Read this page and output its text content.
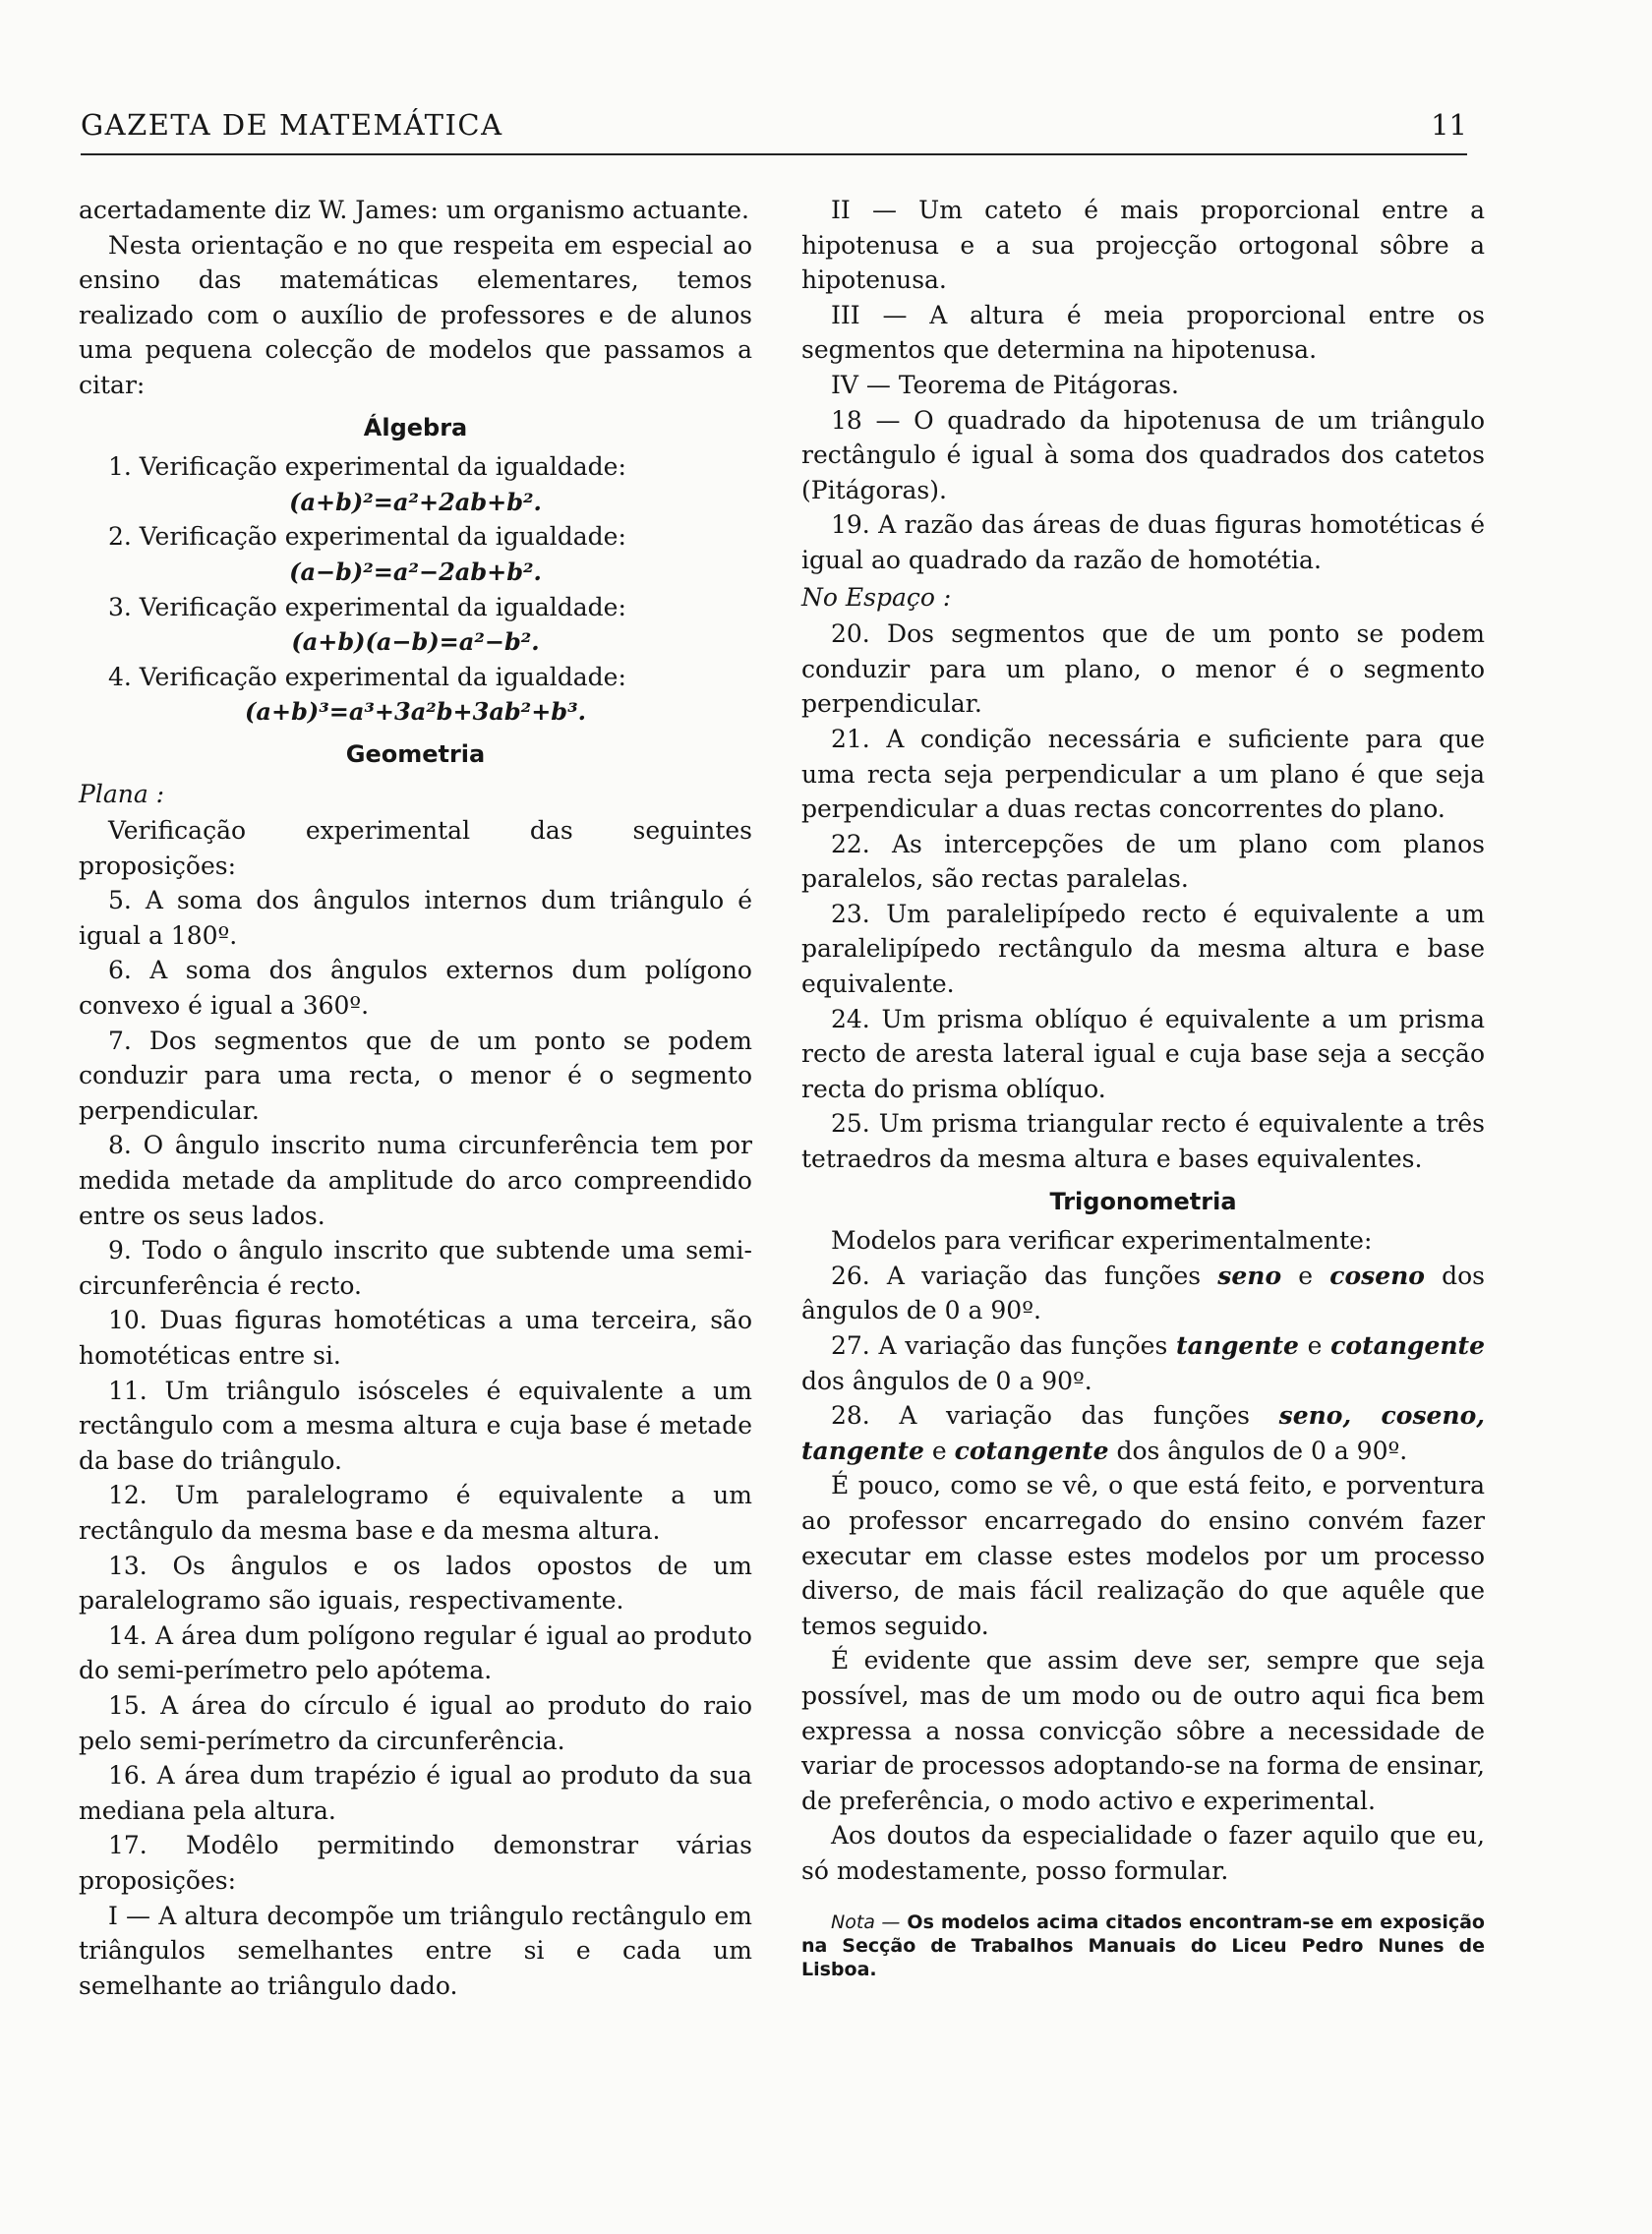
GAZETA DE MATEMÁTICA	11

acertadamente diz W. James: um organismo actuante.

Nesta orientação e no que respeita em especial ao ensino das matemáticas elementares, temos realizado com o auxílio de professores e de alunos uma pequena colecção de modelos que passamos a citar:

Álgebra

1. Verificação experimental da igualdade:

(a+b)²=a²+2ab+b².

2. Verificação experimental da igualdade:

(a−b)²=a²−2ab+b².

3. Verificação experimental da igualdade:

(a+b)(a−b)=a²−b².

4. Verificação experimental da igualdade:

(a+b)³=a³+3a²b+3ab²+b³.
Geometria
Plana :

Verificação experimental das seguintes proposições:

5. A soma dos ângulos internos dum triângulo é igual a 180º.

6. A soma dos ângulos externos dum polígono convexo é igual a 360º.

7. Dos segmentos que de um ponto se podem conduzir para uma recta, o menor é o segmento perpendicular.

8. O ângulo inscrito numa circunferência tem por medida metade da amplitude do arco compreendido entre os seus lados.

9. Todo o ângulo inscrito que subtende uma semi-circunferência é recto.

10. Duas figuras homotéticas a uma terceira, são homotéticas entre si.

11. Um triângulo isósceles é equivalente a um rectângulo com a mesma altura e cuja base é metade da base do triângulo.

12. Um paralelogramo é equivalente a um rectângulo da mesma base e da mesma altura.

13. Os ângulos e os lados opostos de um paralelogramo são iguais, respectivamente.

14. A área dum polígono regular é igual ao produto do semi-perímetro pelo apótema.

15. A área do círculo é igual ao produto do raio pelo semi-perímetro da circunferência.

16. A área dum trapézio é igual ao produto da sua mediana pela altura.

17. Modêlo permitindo demonstrar várias proposições:

I — A altura decompõe um triângulo rectângulo em triângulos semelhantes entre si e cada um semelhante ao triângulo dado.

II — Um cateto é mais proporcional entre a hipotenusa e a sua projecção ortogonal sôbre a hipotenusa.

III — A altura é meia proporcional entre os segmentos que determina na hipotenusa.

IV — Teorema de Pitágoras.

18 — O quadrado da hipotenusa de um triângulo rectângulo é igual à soma dos quadrados dos catetos (Pitágoras).

19. A razão das áreas de duas figuras homotéticas é igual ao quadrado da razão de homotétia.

No Espaço :

20. Dos segmentos que de um ponto se podem conduzir para um plano, o menor é o segmento perpendicular.

21. A condição necessária e suficiente para que uma recta seja perpendicular a um plano é que seja perpendicular a duas rectas concorrentes do plano.

22. As intercepções de um plano com planos paralelos, são rectas paralelas.

23. Um paralelipípedo recto é equivalente a um paralelipípedo rectângulo da mesma altura e base equivalente.

24. Um prisma oblíquo é equivalente a um prisma recto de aresta lateral igual e cuja base seja a secção recta do prisma oblíquo.

25. Um prisma triangular recto é equivalente a três tetraedros da mesma altura e bases equivalentes.

Trigonometria

Modelos para verificar experimentalmente:

26. A variação das funções seno e coseno dos ângulos de 0 a 90º.

27. A variação das funções tangente e cotangente dos ângulos de 0 a 90º.

28. A variação das funções seno, coseno, tangente e cotangente dos ângulos de 0 a 90º.

É pouco, como se vê, o que está feito, e porventura ao professor encarregado do ensino convém fazer executar em classe estes modelos por um processo diverso, de mais fácil realização do que aquêle que temos seguido.

É evidente que assim deve ser, sempre que seja possível, mas de um modo ou de outro aqui fica bem expressa a nossa convicção sôbre a necessidade de variar de processos adoptando-se na forma de ensinar, de preferência, o modo activo e experimental.

Aos doutos da especialidade o fazer aquilo que eu, só modestamente, posso formular.

Nota — Os modelos acima citados encontram-se em exposição na Secção de Trabalhos Manuais do Liceu Pedro Nunes de Lisboa.
